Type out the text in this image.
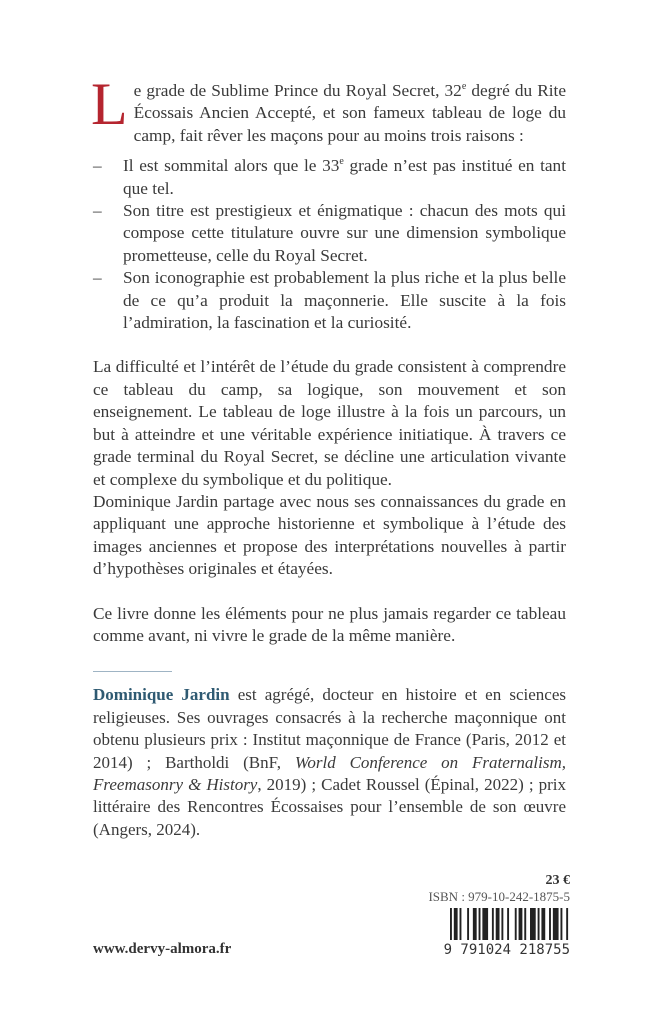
Le grade de Sublime Prince du Royal Secret, 32e degré du Rite Écossais Ancien Accepté, et son fameux tableau de loge du camp, fait rêver les maçons pour au moins trois raisons :

– Il est sommital alors que le 33e grade n’est pas institué en tant que tel.
– Son titre est prestigieux et énigmatique : chacun des mots qui compose cette titulature ouvre sur une dimension symbolique prometteuse, celle du Royal Secret.
– Son iconographie est probablement la plus riche et la plus belle de ce qu’a produit la maçonnerie. Elle suscite à la fois l’admiration, la fascination et la curiosité.

La difficulté et l’intérêt de l’étude du grade consistent à comprendre ce tableau du camp, sa logique, son mouvement et son enseignement. Le tableau de loge illustre à la fois un parcours, un but à atteindre et une véritable expérience initiatique. À travers ce grade terminal du Royal Secret, se décline une articulation vivante et complexe du symbolique et du politique.

Dominique Jardin partage avec nous ses connaissances du grade en appliquant une approche historienne et symbolique à l’étude des images anciennes et propose des interprétations nouvelles à partir d’hypothèses originales et étayées.

Ce livre donne les éléments pour ne plus jamais regarder ce tableau comme avant, ni vivre le grade de la même manière.

Dominique Jardin est agrégé, docteur en histoire et en sciences religieuses. Ses ouvrages consacrés à la recherche maçonnique ont obtenu plusieurs prix : Institut maçonnique de France (Paris, 2012 et 2014) ; Bartholdi (BnF, World Conference on Fraternalism, Freemasonry & History, 2019) ; Cadet Roussel (Épinal, 2022) ; prix littéraire des Rencontres Écossaises pour l’ensemble de son œuvre (Angers, 2024).

23 €
ISBN : 979-10-242-1875-5
9 791024 218755
www.dervy-almora.fr
